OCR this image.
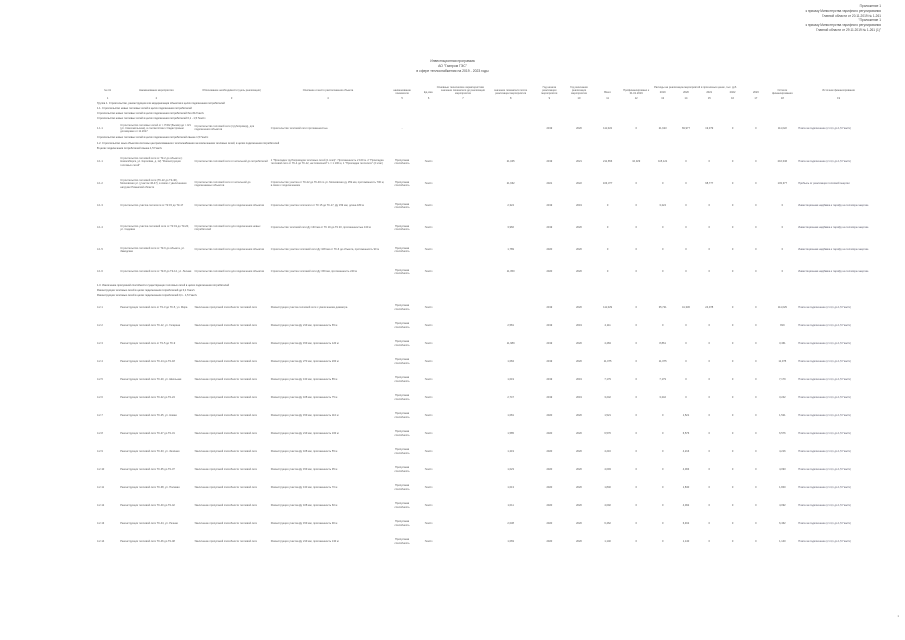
Приложение 1
к приказу Министерства тарифного регулирования
Главной области от 20.11.2019 № 1-261
"Приложение 1
к приказу Министерства тарифного регулирования
Главной области от 29.11.2019 № 1-261 (1)"
Инвестиционная программа
АО "Газпром ГЭС"
в сфере теплоснабжения на 2019 - 2023 годы
№ п/п	Наименование мероприятия	Обоснование необходимости (цель реализации)	Описание и место расположения объекта	Основные технические характеристики				Год начала реализации мероприятия	Год окончания реализации мероприятия	Расходы на реализацию мероприятий в прогнозных ценах, тыс. руб.								Источник финансирования
				наименование показателя	Ед.изм.	значение показателя до реализации мероприятия	значение показателя после реализации мероприятия			Всего	Профинансировано к 01.01.2019	2019	2020	2021	2022	2023	Остаток финансирования	
1	2	3	4	5	6	7	8	9	10	11	12	13	14	15	16	17	18	19
Группа 1. Строительство, реконструкция или модернизация объектов в целях подключения потребителей																		
1.1. Строительство новых тепловых сетей в целях подключения потребителей																		
Строительство новых тепловых сетей в целях подключения потребителей без ЗА Гкал/ч																		
Строительство новых тепловых сетей в целях подключения потребителей 0,1 - 1,5 Гкал/ч																		
1.1.1	Строительство тепловых сетей от т. Р/0/2 (Бызов) до т. 0/1 (ул. Комсомольская), в соответствии с Кадастровым договорами от 11.2017	Строительство тепловой сети (трубопровод), для подключения объектов	Строительство тепловой сети протяженностью	-				2019	2020	111,022	0	21,623	69,977	19,379	0	0	111,022	Плата за подключение (ст.4,1 до 1,5 Гкал/ч)
Строительство новых тепловых сетей в целях подключения потребителей свыше 1,5 Гкал/ч																		
1.2. Строительство иных объектов системы централизованного теплоснабжения за исключением тепловых сетей, в целях подключения потребителей																		
В целях подключения потребителей свыше 1,5 Гкал/ч																		
4.1.1	Строительство тепловой сети от ТК-2 до объекта (г. Новосибирск, ул. Королёва, д. 12) "Реконструкция тепловых сетей"	Строительство тепловой сети от котельной до потребителей	1 "Прокладка трубопроводов тепловых сетей (1 этап)". Протяженность 2 100 м. 2 "Прокладка тепловой сети от ТК-4 до ТК-12, на Совхозной" L = 1 100 м, 1 "Прокладка теплосети" (2 этап)	Пропускная способность	Гкал/ч		21,045	2019	2021	211,656	10,329	115,121	0	0	0	0	216,046	Плата за подключение (ст.4,1 до 1,5 Гкал/ч)
4.1.2	Строительство тепловой сети (ТК-22 до ТК-46), Московская ул. (участок 46-47), в связи с увеличением нагрузки Рязанской области	Строительство тепловой сети от котельной до подключаемых объектов	Строительство участка от ТК-22 до ТК-46 по ул. Московская ду 159 мм, протяжённость 700 м, в связи с подключением	Пропускная способность	Гкал/ч		21,662	2021	2022	103,377	0	0	0	68,777	0	0	103,377	Прибыль от реализации тепловой энергии
4.1.3	Строительство участка теплосети от ТК 15 до ТК-17	Строительство тепловой сети для подключения объектов	Строительство участка теплосети от ТК 15 до ТК-17, Ду 159 мм, длина 180 м	Пропускная способность	Гкал/ч		2,324	2019	2019	0	0	3,224	0	0	0	0	0	Инвестиционная надбавка к тарифу на тепловую энергию
4.1.4	Строительство участка тепловой сети от ТК 19 до ТК-20, ул. Садовая	Строительство тепловой сети для подключения новых потребителей	Строительство тепловой сети Ду 133 мм от ТК 19 до ТК 20, протяженностью 130 м	Пропускная способность	Гкал/ч		3,966	2019	2020	0	0	0	0	0	0	0	0	Инвестиционная надбавка к тарифу на тепловую энергию
4.1.5	Строительство тепловой сети от ТК-6 до объекта, ул. Заводская	Строительство тепловой сети для подключения объектов	Строительство участка тепловой сети Ду 108 мм от ТК-6 до объекта, протяженность 90 м	Пропускная способность	Гкал/ч		1,789	2020	2020	0	0	0	0	0	0	0	0	Инвестиционная надбавка к тарифу на тепловую энергию
4.1.6	Строительство тепловой сети от ТК-8 до ТК-14, ул. Лесная	Строительство тепловой сети для подключения объектов	Строительство участка тепловой сети Ду 159 мм, протяженность 240 м	Пропускная способность	Гкал/ч		11,050	2020	2020	0	0	0	0	0	0	0	0	Инвестиционная надбавка к тарифу на тепловую энергию
1.3. Увеличение пропускной способности существующих тепловых сетей в целях подключения потребителей																		
Реконструкция тепловых сетей в целях подключения потребителей до 0,1 Гкал/ч																		
Реконструкция тепловых сетей в целях подключения потребителей 0,1 - 1,5 Гкал/ч																		
4.2.1	Реконструкция тепловой сети от ТК-3 до ТК-5, ул. Мира	Увеличение пропускной способности тепловой сети	Реконструкция участка тепловой сети с увеличением диаметра	Пропускная способность	Гкал/ч			2019	2020	111,029	0	35,721	41,330	24,078	0	0	111,029	Плата за подключение (ст.4,1 до 1,5 Гкал/ч)
4.2.2	Реконструкция тепловой сети ТК-12, ул. Гагарина	Увеличение пропускной способности тепловой сети	Реконструкция участка Ду 219 мм, протяженность 65 м	Пропускная способность	Гкал/ч		2,581	2019	2019	4,111	0	0	0	0	0	0	819	Плата за подключение (ст.4,1 до 1,5 Гкал/ч)
4.2.3	Реконструкция тепловой сети от ТК-5 до ТК-9	Увеличение пропускной способности тепловой сети	Реконструкция участка Ду 159 мм, протяженность 120 м	Пропускная способность	Гкал/ч		11,689	2019	2020	4,484	0	8,861	0	0	0	0	3,461	Плата за подключение (ст.4,1 до 1,5 Гкал/ч)
4.2.4	Реконструкция тепловой сети ТК-14 до ТК-18	Увеличение пропускной способности тепловой сети	Реконструкция участка Ду 273 мм, протяженность 200 м	Пропускная способность	Гкал/ч		1,084	2019	2020	11,075	0	11,075	0	0	0	0	11,075	Плата за подключение (ст.4,1 до 1,5 Гкал/ч)
4.2.5	Реконструкция тепловой сети ТК-20, ул. Школьная	Увеличение пропускной способности тепловой сети	Реконструкция участка Ду 133 мм, протяженность 85 м	Пропускная способность	Гкал/ч		1,019	2019	2019	7,179	0	7,179	0	0	0	0	7,179	Плата за подключение (ст.4,1 до 1,5 Гкал/ч)
4.2.6	Реконструкция тепловой сети ТК-22 до ТК-24	Увеличение пропускной способности тепловой сети	Реконструкция участка Ду 108 мм, протяженность 75 м	Пропускная способность	Гкал/ч		2,747	2019	2019	3,242	0	3,242	0	0	0	0	3,242	Плата за подключение (ст.4,1 до 1,5 Гкал/ч)
4.2.7	Реконструкция тепловой сети ТК-25, ул. Новая	Увеличение пропускной способности тепловой сети	Реконструкция участка Ду 159 мм, протяженность 110 м	Пропускная способность	Гкал/ч		1,081	2020	2020	1,521	0	0	1,521	0	0	0	1,521	Плата за подключение (ст.4,1 до 1,5 Гкал/ч)
4.2.8	Реконструкция тепловой сети ТК-27 до ТК-31	Увеличение пропускной способности тепловой сети	Реконструкция участка Ду 219 мм, протяженность 160 м	Пропускная способность	Гкал/ч		1,585	2020	2020	6,576	0	0	6,576	0	0	0	6,576	Плата за подключение (ст.4,1 до 1,5 Гкал/ч)
4.2.9	Реконструкция тепловой сети ТК-33, ул. Зелёная	Увеличение пропускной способности тепловой сети	Реконструкция участка Ду 108 мм, протяженность 55 м	Пропускная способность	Гкал/ч		1,219	2020	2020	4,216	0	0	4,216	0	0	0	4,216	Плата за подключение (ст.4,1 до 1,5 Гкал/ч)
4.2.10	Реконструкция тепловой сети ТК-35 до ТК-37	Увеличение пропускной способности тепловой сети	Реконструкция участка Ду 159 мм, протяженность 95 м	Пропускная способность	Гкал/ч		1,023	2020	2020	4,093	0	0	4,093	0	0	0	4,093	Плата за подключение (ст.4,1 до 1,5 Гкал/ч)
4.2.11	Реконструкция тепловой сети ТК-38, ул. Полевая	Увеличение пропускной способности тепловой сети	Реконструкция участка Ду 133 мм, протяженность 70 м	Пропускная способность	Гкал/ч		1,013	2020	2020	1,840	0	0	1,840	0	0	0	1,840	Плата за подключение (ст.4,1 до 1,5 Гкал/ч)
4.2.12	Реконструкция тепловой сети ТК-40 до ТК-42	Увеличение пропускной способности тепловой сети	Реконструкция участка Ду 108 мм, протяженность 60 м	Пропускная способность	Гкал/ч		1,011	2020	2020	4,092	0	0	4,092	0	0	0	4,092	Плата за подключение (ст.4,1 до 1,5 Гкал/ч)
4.2.13	Реконструкция тепловой сети ТК-44, ул. Речная	Увеличение пропускной способности тепловой сети	Реконструкция участка Ду 159 мм, протяженность 90 м	Пропускная способность	Гкал/ч		2,038	2020	2020	6,462	0	0	6,462	0	0	0	6,462	Плата за подключение (ст.4,1 до 1,5 Гкал/ч)
4.2.14	Реконструкция тепловой сети ТК-46 до ТК-48	Увеличение пропускной способности тепловой сети	Реконструкция участка Ду 219 мм, протяженность 130 м	Пропускная способность	Гкал/ч		1,069	2020	2020	1,140	0	0	1,140	0	0	0	1,140	Плата за подключение (ст.4,1 до 1,5 Гкал/ч)
1
